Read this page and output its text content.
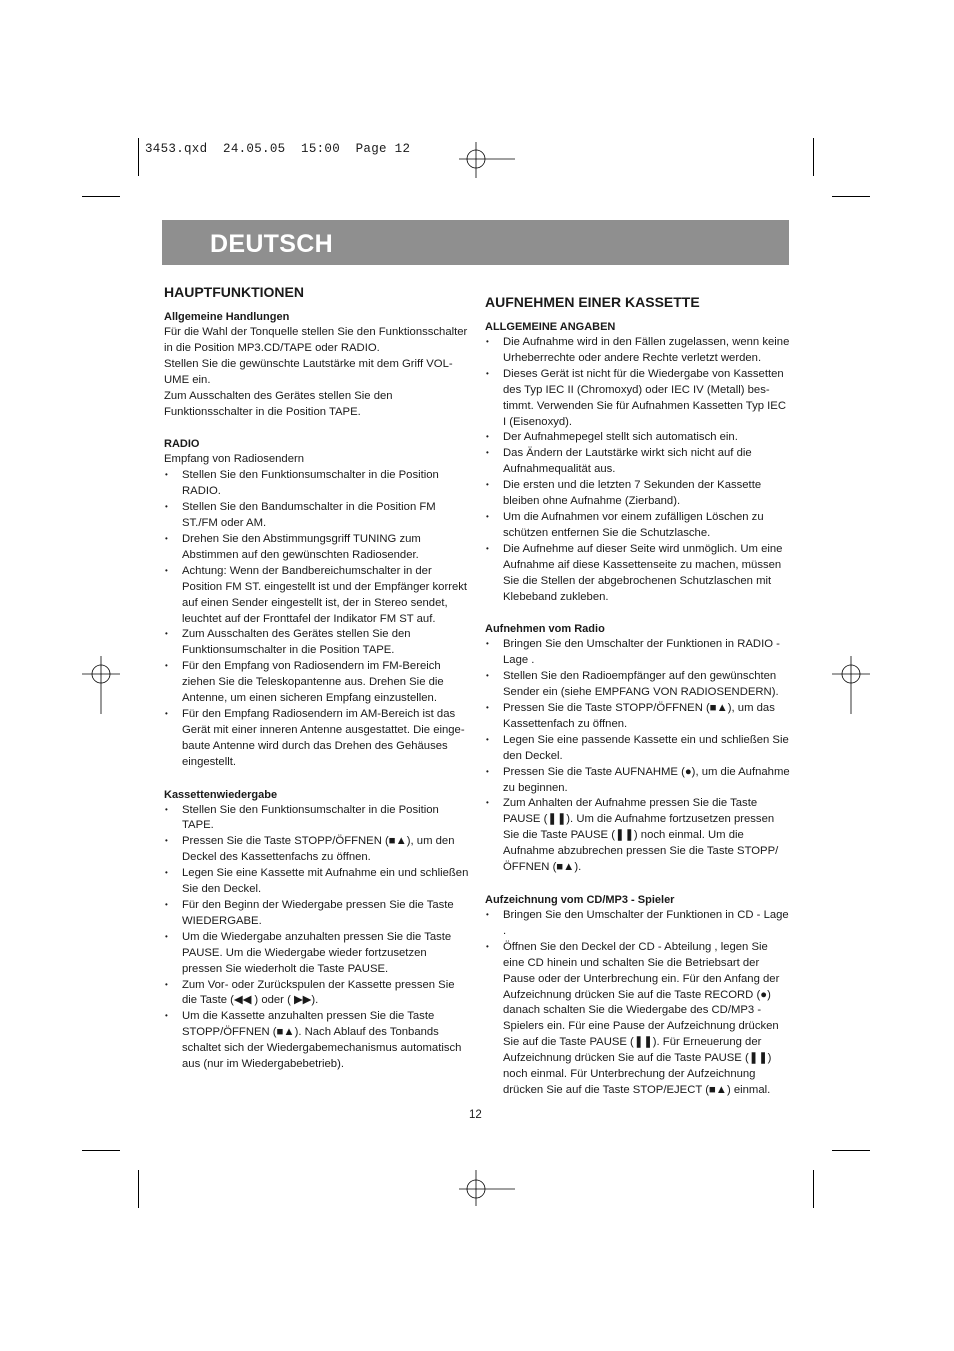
3453.qxd  24.05.05  15:00  Page 12
DEUTSCH
HAUPTFUNKTIONEN
Allgemeine Handlungen

Für die Wahl der Tonquelle stellen Sie den Funktionsschalter in die Position MP3.CD/TAPE oder RADIO.

Stellen Sie die gewünschte Lautstärke mit dem Griff VOL-UME ein.

Zum Ausschalten des Gerätes stellen Sie den Funktionsschalter in die Position TAPE.

RADIO

Empfang von Radiosendern

• Stellen Sie den Funktionsumschalter in die Position RADIO.
• Stellen Sie den Bandumschalter in die Position FM ST./FM oder AM.
• Drehen Sie den Abstimmungsgriff TUNING zum Abstimmen auf den gewünschten Radiosender.
• Achtung: Wenn der Bandbereichumschalter in der Position FM ST. eingestellt ist und der Empfänger korrekt auf einen Sender eingestellt ist, der in Stereo sendet, leuchtet auf der Fronttafel der Indikator FM ST auf.
• Zum Ausschalten des Gerätes stellen Sie den Funktionsumschalter in die Position TAPE.
• Für den Empfang von Radiosendern im FM-Bereich ziehen Sie die Teleskopantenne aus. Drehen Sie die Antenne, um einen sicheren Empfang einzustellen.
• Für den Empfang Radiosendern im AM-Bereich ist das Gerät mit einer inneren Antenne ausgestattet. Die einge-baute Antenne wird durch das Drehen des Gehäuses eingestellt.
Kassettenwiedergabe
• Stellen Sie den Funktionsumschalter in die Position TAPE.
• Pressen Sie die Taste STOPP/ÖFFNEN (■▲), um den Deckel des Kassettenfachs zu öffnen.
• Legen Sie eine Kassette mit Aufnahme ein und schließen Sie den Deckel.
• Für den Beginn der Wiedergabe pressen Sie die Taste WIEDERGABE.
• Um die Wiedergabe anzuhalten pressen Sie die Taste PAUSE. Um die Wiedergabe wieder fortzusetzen pressen Sie wiederholt die Taste PAUSE.
• Zum Vor- oder Zurückspulen der Kassette pressen Sie die Taste (◀◀ ) oder ( ▶▶).
• Um die Kassette anzuhalten pressen Sie die Taste STOPP/ÖFFNEN (■▲). Nach Ablauf des Tonbands schaltet sich der Wiedergabemechanismus automatisch aus (nur im Wiedergabebetrieb).
AUFNEHMEN EINER KASSETTE
ALLGEMEINE ANGABEN
• Die Aufnahme wird in den Fällen zugelassen, wenn keine Urheberrechte oder andere Rechte verletzt werden.
• Dieses Gerät ist nicht für die Wiedergabe von Kassetten des Typ IEC II (Chromoxyd) oder IEC IV (Metall) bes-timmt. Verwenden Sie für Aufnahmen Kassetten Typ IEC I (Eisenoxyd).
• Der Aufnahmepegel stellt sich automatisch ein.
• Das Ändern der Lautstärke wirkt sich nicht auf die Aufnahmequalität aus.
• Die ersten und die letzten 7 Sekunden der Kassette bleiben ohne Aufnahme (Zierband).
• Um die Aufnahmen vor einem zufälligen Löschen zu schützen entfernen Sie die Schutzlasche.
• Die Aufnehme auf dieser Seite wird unmöglich. Um eine Aufnahme aif diese Kassettenseite zu machen, müssen Sie die Stellen der abgebrochenen Schutzlaschen mit Klebeband zukleben.
Aufnehmen vom Radio
• Bringen Sie den Umschalter der Funktionen in RADIO - Lage .
• Stellen Sie den Radioempfänger auf den gewünschten Sender ein (siehe EMPFANG VON RADIOSENDERN).
• Pressen Sie die Taste STOPP/ÖFFNEN (■▲), um das Kassettenfach zu öffnen.
• Legen Sie eine passende Kassette ein und schließen Sie den Deckel.
• Pressen Sie die Taste AUFNAHME (●), um die Aufnahme zu beginnen.
• Zum Anhalten der Aufnahme pressen Sie die Taste PAUSE (❚❚). Um die Aufnahme fortzusetzen pressen Sie die Taste PAUSE (❚❚) noch einmal. Um die Aufnahme abzubrechen pressen Sie die Taste STOPP/ÖFFNEN (■▲).
Aufzeichnung vom CD/MP3 - Spieler
• Bringen Sie den Umschalter der Funktionen in CD - Lage .
• Öffnen Sie den Deckel der CD - Abteilung , legen Sie eine CD hinein und schalten Sie die Betriebsart der Pause oder der Unterbrechung ein. Für den Anfang der Aufzeichnung drücken Sie auf die Taste RECORD (●) danach schalten Sie die Wiedergabe des CD/MP3 - Spielers ein. Für eine Pause der Aufzeichnung drücken Sie auf die Taste PAUSE (❚❚). Für Erneuerung der Aufzeichnung drücken Sie auf die Taste PAUSE (❚❚) noch einmal. Für Unterbrechung der Aufzeichnung drücken Sie auf die Taste STOP/EJECT (■▲) einmal.
12
